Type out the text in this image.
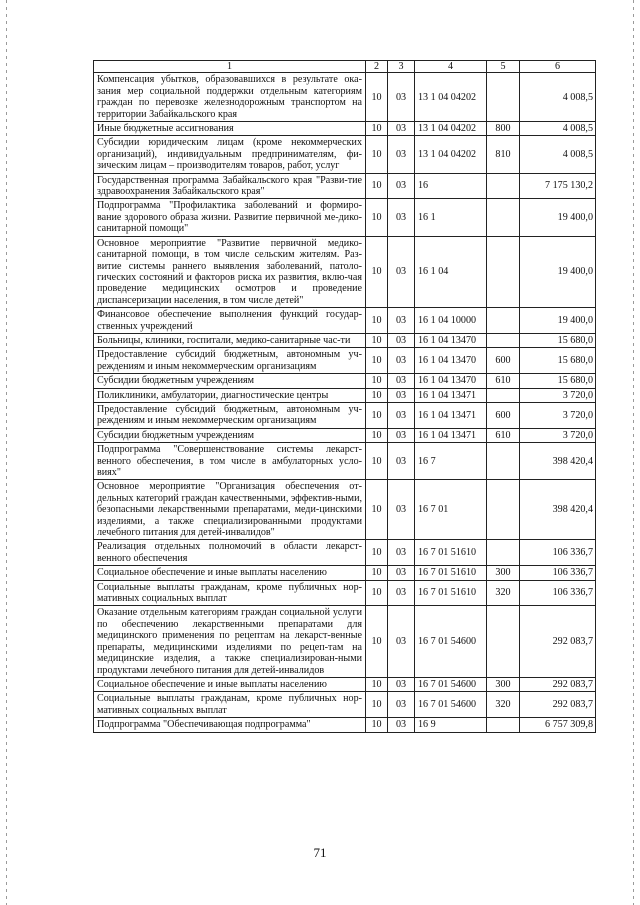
1	2	3	4	5	6
Компенсация убытков, образовавшихся в результате ока-зания мер социальной поддержки отдельным категориям граждан по перевозке железнодорожным транспортом на территории Забайкальского края	10	03	13 1 04 04202		4 008,5
Иные бюджетные ассигнования	10	03	13 1 04 04202	800	4 008,5
Субсидии юридическим лицам (кроме некоммерческих организаций), индивидуальным предпринимателям, фи-зическим лицам – производителям товаров, работ, услуг	10	03	13 1 04 04202	810	4 008,5
Государственная программа Забайкальского края "Разви-тие здравоохранения Забайкальского края"	10	03	16		7 175 130,2
Подпрограмма "Профилактика заболеваний и формиро-вание здорового образа жизни. Развитие первичной ме-дико-санитарной помощи"	10	03	16 1		19 400,0
Основное мероприятие "Развитие первичной медико-санитарной помощи, в том числе сельским жителям. Раз-витие системы раннего выявления заболеваний, патоло-гических состояний и факторов риска их развития, вклю-чая проведение медицинских осмотров и проведение диспансеризации населения, в том числе детей"	10	03	16 1 04		19 400,0
Финансовое обеспечение выполнения функций государ-ственных учреждений	10	03	16 1 04 10000		19 400,0
Больницы, клиники, госпитали, медико-санитарные час-ти	10	03	16 1 04 13470		15 680,0
Предоставление субсидий бюджетным, автономным уч-реждениям и иным некоммерческим организациям	10	03	16 1 04 13470	600	15 680,0
Субсидии бюджетным учреждениям	10	03	16 1 04 13470	610	15 680,0
Поликлиники, амбулатории, диагностические центры	10	03	16 1 04 13471		3 720,0
Предоставление субсидий бюджетным, автономным уч-реждениям и иным некоммерческим организациям	10	03	16 1 04 13471	600	3 720,0
Субсидии бюджетным учреждениям	10	03	16 1 04 13471	610	3 720,0
Подпрограмма "Совершенствование системы лекарст-венного обеспечения, в том числе в амбулаторных усло-виях"	10	03	16 7		398 420,4
Основное мероприятие "Организация обеспечения от-дельных категорий граждан качественными, эффектив-ными, безопасными лекарственными препаратами, меди-цинскими изделиями, а также специализированными продуктами лечебного питания для детей-инвалидов"	10	03	16 7 01		398 420,4
Реализация отдельных полномочий в области лекарст-венного обеспечения	10	03	16 7 01 51610		106 336,7
Социальное обеспечение и иные выплаты населению	10	03	16 7 01 51610	300	106 336,7
Социальные выплаты гражданам, кроме публичных нор-мативных социальных выплат	10	03	16 7 01 51610	320	106 336,7
Оказание отдельным категориям граждан социальной услуги по обеспечению лекарственными препаратами для медицинского применения по рецептам на лекарст-венные препараты, медицинскими изделиями по рецеп-там на медицинские изделия, а также специализирован-ными продуктами лечебного питания для детей-инвалидов	10	03	16 7 01 54600		292 083,7
Социальное обеспечение и иные выплаты населению	10	03	16 7 01 54600	300	292 083,7
Социальные выплаты гражданам, кроме публичных нор-мативных социальных выплат	10	03	16 7 01 54600	320	292 083,7
Подпрограмма "Обеспечивающая подпрограмма"	10	03	16 9		6 757 309,8
71
